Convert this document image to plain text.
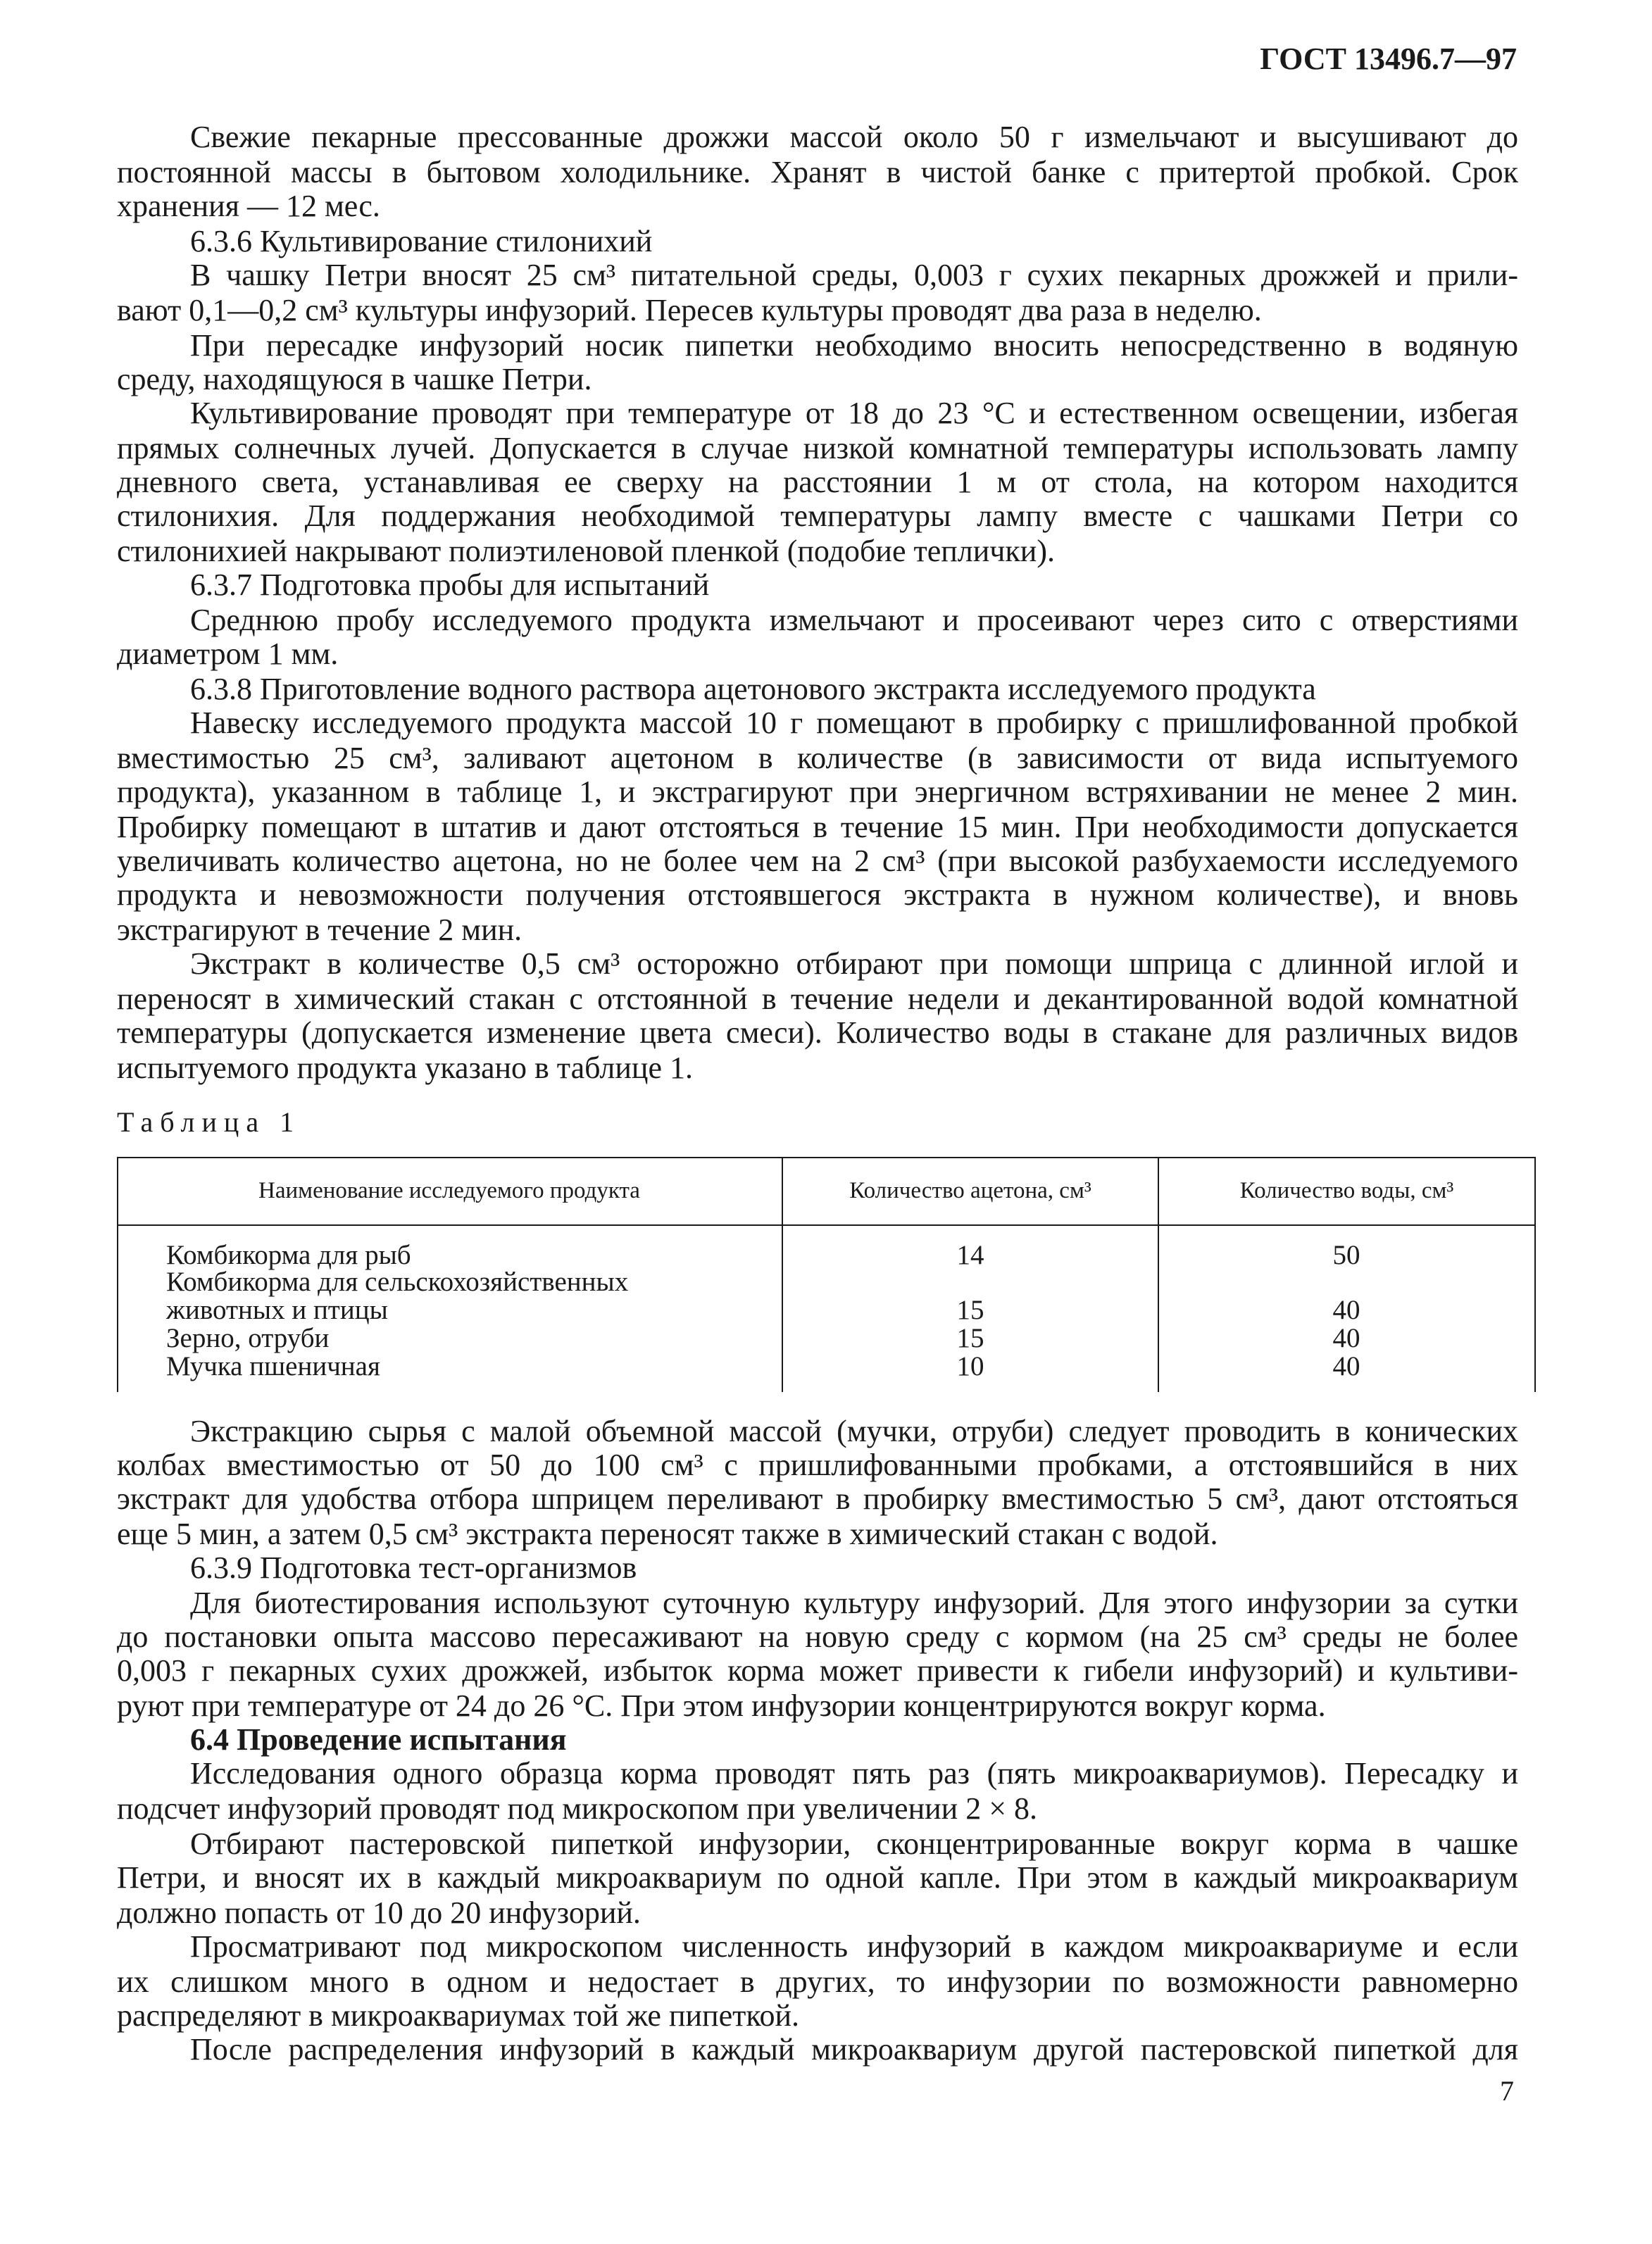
ГОСТ 13496.7—97
Свежие пекарные прессованные дрожжи массой около 50 г измельчают и высушивают до
постоянной массы в бытовом холодильнике. Хранят в чистой банке с притертой пробкой. Срок
хранения — 12 мес.
6.3.6 Культивирование стилонихий
В чашку Петри вносят 25 см³ питательной среды, 0,003 г сухих пекарных дрожжей и прили-
вают 0,1—0,2 см³ культуры инфузорий. Пересев культуры проводят два раза в неделю.
При пересадке инфузорий носик пипетки необходимо вносить непосредственно в водяную
среду, находящуюся в чашке Петри.
Культивирование проводят при температуре от 18 до 23 °С и естественном освещении, избегая
прямых солнечных лучей. Допускается в случае низкой комнатной температуры использовать лампу
дневного света, устанавливая ее сверху на расстоянии 1 м от стола, на котором находится
стилонихия. Для поддержания необходимой температуры лампу вместе с чашками Петри со
стилонихией накрывают полиэтиленовой пленкой (подобие теплички).
6.3.7 Подготовка пробы для испытаний
Среднюю пробу исследуемого продукта измельчают и просеивают через сито с отверстиями
диаметром 1 мм.
6.3.8 Приготовление водного раствора ацетонового экстракта исследуемого продукта
Навеску исследуемого продукта массой 10 г помещают в пробирку с пришлифованной пробкой
вместимостью 25 см³, заливают ацетоном в количестве (в зависимости от вида испытуемого
продукта), указанном в таблице 1, и экстрагируют при энергичном встряхивании не менее 2 мин.
Пробирку помещают в штатив и дают отстояться в течение 15 мин. При необходимости допускается
увеличивать количество ацетона, но не более чем на 2 см³ (при высокой разбухаемости исследуемого
продукта и невозможности получения отстоявшегося экстракта в нужном количестве), и вновь
экстрагируют в течение 2 мин.
Экстракт в количестве 0,5 см³ осторожно отбирают при помощи шприца с длинной иглой и
переносят в химический стакан с отстоянной в течение недели и декантированной водой комнатной
температуры (допускается изменение цвета смеси). Количество воды в стакане для различных видов
испытуемого продукта указано в таблице 1.
Таблица 1
Наименование исследуемого продукта	Количество ацетона, см³	Количество воды, см³
Комбикорма для рыб	14	50
Комбикорма для сельскохозяйственных
животных и птицы	15	40
Зерно, отруби	15	40
Мучка пшеничная	10	40
Экстракцию сырья с малой объемной массой (мучки, отруби) следует проводить в конических
колбах вместимостью от 50 до 100 см³ с пришлифованными пробками, а отстоявшийся в них
экстракт для удобства отбора шприцем переливают в пробирку вместимостью 5 см³, дают отстояться
еще 5 мин, а затем 0,5 см³ экстракта переносят также в химический стакан с водой.
6.3.9 Подготовка тест-организмов
Для биотестирования используют суточную культуру инфузорий. Для этого инфузории за сутки
до постановки опыта массово пересаживают на новую среду с кормом (на 25 см³ среды не более
0,003 г пекарных сухих дрожжей, избыток корма может привести к гибели инфузорий) и культиви-
руют при температуре от 24 до 26 °С. При этом инфузории концентрируются вокруг корма.
6.4 Проведение испытания
Исследования одного образца корма проводят пять раз (пять микроаквариумов). Пересадку и
подсчет инфузорий проводят под микроскопом при увеличении 2 × 8.
Отбирают пастеровской пипеткой инфузории, сконцентрированные вокруг корма в чашке
Петри, и вносят их в каждый микроаквариум по одной капле. При этом в каждый микроаквариум
должно попасть от 10 до 20 инфузорий.
Просматривают под микроскопом численность инфузорий в каждом микроаквариуме и если
их слишком много в одном и недостает в других, то инфузории по возможности равномерно
распределяют в микроаквариумах той же пипеткой.
После распределения инфузорий в каждый микроаквариум другой пастеровской пипеткой для
7
